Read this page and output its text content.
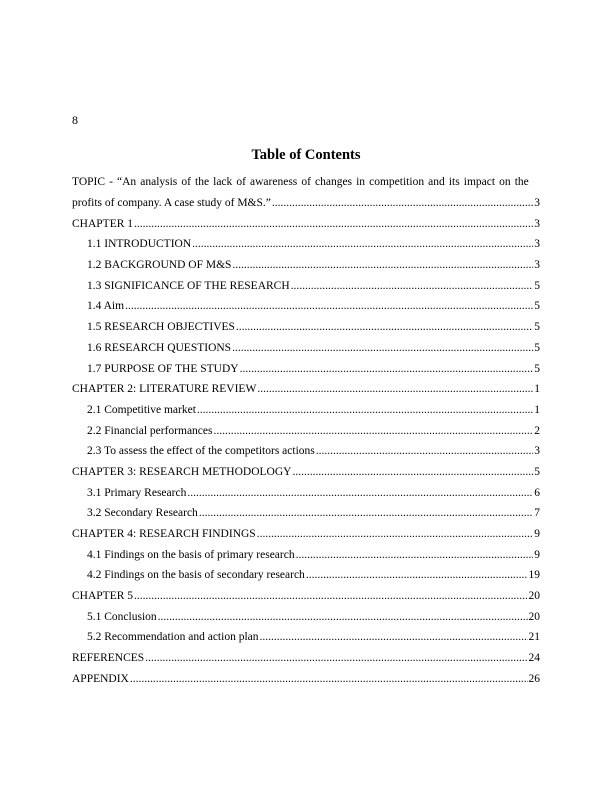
8
Table of Contents
TOPIC - “An analysis of the lack of awareness of changes in competition and its impact on the
profits of company. A case study of M&S.” .....	3
CHAPTER 1 .....	3
1.1 INTRODUCTION .....	3
1.2 BACKGROUND OF M&S .....	3
1.3 SIGNIFICANCE OF THE RESEARCH .....	5
1.4 Aim .....	5
1.5 RESEARCH OBJECTIVES .....	5
1.6 RESEARCH QUESTIONS .....	5
1.7 PURPOSE OF THE STUDY .....	5
CHAPTER 2: LITERATURE REVIEW .....	1
2.1 Competitive market .....	1
2.2 Financial performances .....	2
2.3 To assess the effect of the competitors actions .....	3
CHAPTER 3: RESEARCH METHODOLOGY .....	5
3.1 Primary Research .....	6
3.2 Secondary Research .....	7
CHAPTER 4: RESEARCH FINDINGS .....	9
4.1 Findings on the basis of primary research .....	9
4.2 Findings on the basis of secondary research .....	19
CHAPTER 5 .....	20
5.1 Conclusion .....	20
5.2 Recommendation and action plan .....	21
REFERENCES .....	24
APPENDIX .....	26
